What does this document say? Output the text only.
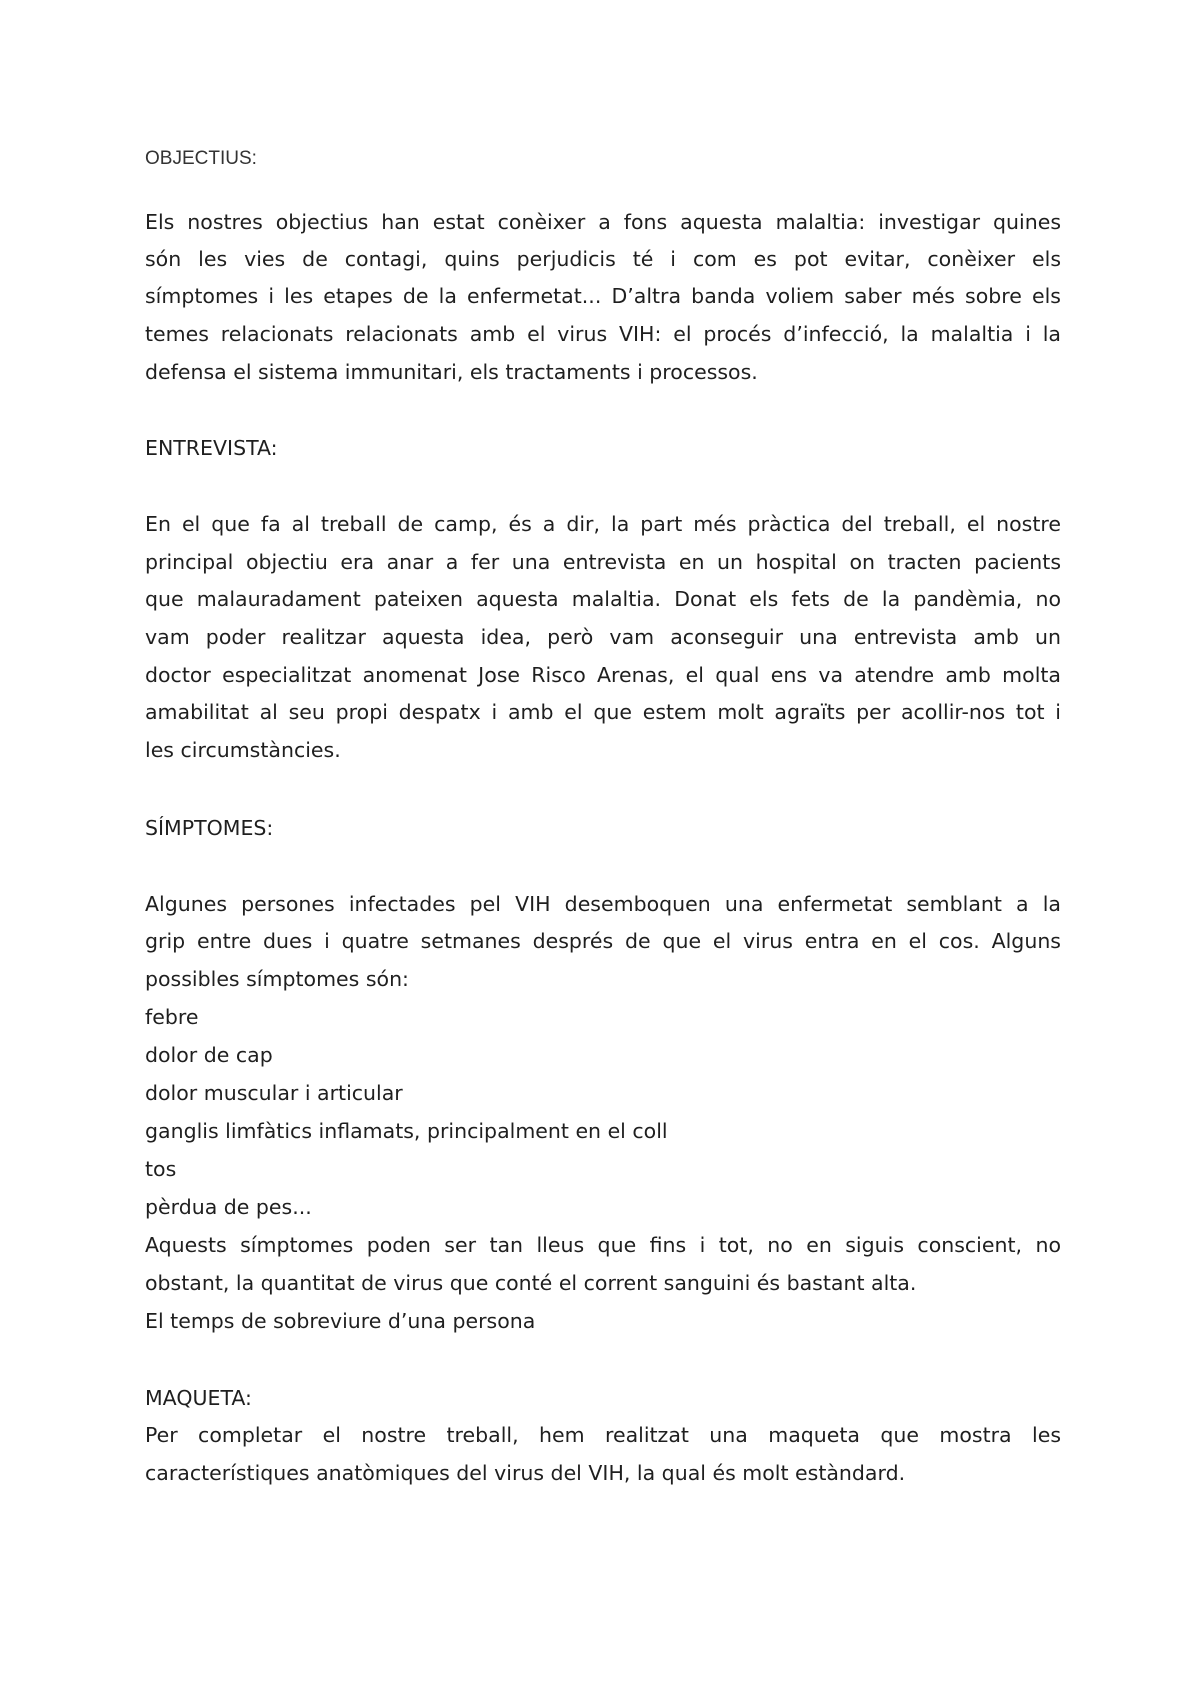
OBJECTIUS:

Els nostres objectius han estat conèixer a fons aquesta malaltia: investigar quines

són les vies de contagi, quins perjudicis té i com es pot evitar, conèixer els

símptomes i les etapes de la enfermetat... D’altra banda voliem saber més sobre els

temes relacionats relacionats amb el virus VIH: el procés d’infecció, la malaltia i la

defensa el sistema immunitari, els tractaments i processos.

ENTREVISTA:

En el que fa al treball de camp, és a dir, la part més pràctica del treball, el nostre

principal objectiu era anar a fer una entrevista en un hospital on tracten pacients

que malauradament pateixen aquesta malaltia. Donat els fets de la pandèmia, no

vam poder realitzar aquesta idea, però vam aconseguir una entrevista amb un

doctor especialitzat anomenat Jose Risco Arenas, el qual ens va atendre amb molta

amabilitat al seu propi despatx i amb el que estem molt agraïts per acollir-nos tot i

les circumstàncies.

SÍMPTOMES:

Algunes persones infectades pel VIH desemboquen una enfermetat semblant a la

grip entre dues i quatre setmanes després de que el virus entra en el cos. Alguns

possibles símptomes són:

febre

dolor de cap

dolor muscular i articular

ganglis limfàtics inflamats, principalment en el coll

tos

pèrdua de pes...

Aquests símptomes poden ser tan lleus que fins i tot, no en siguis conscient, no

obstant, la quantitat de virus que conté el corrent sanguini és bastant alta.

El temps de sobreviure d’una persona

MAQUETA:

Per completar el nostre treball, hem realitzat una maqueta que mostra les

característiques anatòmiques del virus del VIH, la qual és molt estàndard.
